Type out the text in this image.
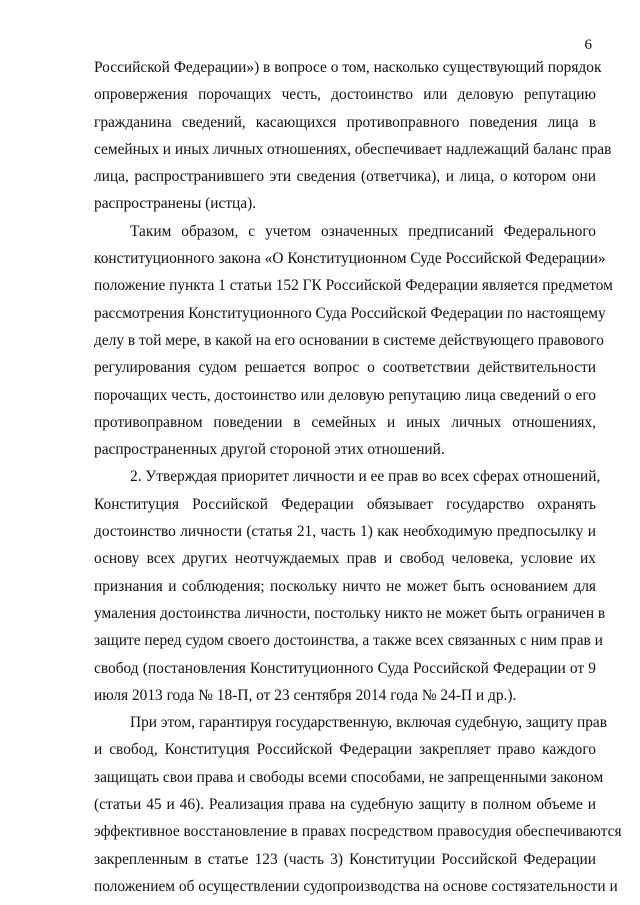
6
Российской Федерации») в вопросе о том, насколько существующий порядок
опровержения порочащих честь, достоинство или деловую репутацию
гражданина сведений, касающихся противоправного поведения лица в
семейных и иных личных отношениях, обеспечивает надлежащий баланс прав
лица, распространившего эти сведения (ответчика), и лица, о котором они
распространены (истца).
Таким образом, с учетом означенных предписаний Федерального
конституционного закона «О Конституционном Суде Российской Федерации»
положение пункта 1 статьи 152 ГК Российской Федерации является предметом
рассмотрения Конституционного Суда Российской Федерации по настоящему
делу в той мере, в какой на его основании в системе действующего правового
регулирования судом решается вопрос о соответствии действительности
порочащих честь, достоинство или деловую репутацию лица сведений о его
противоправном поведении в семейных и иных личных отношениях,
распространенных другой стороной этих отношений.
2. Утверждая приоритет личности и ее прав во всех сферах отношений,
Конституция Российской Федерации обязывает государство охранять
достоинство личности (статья 21, часть 1) как необходимую предпосылку и
основу всех других неотчуждаемых прав и свобод человека, условие их
признания и соблюдения; поскольку ничто не может быть основанием для
умаления достоинства личности, постольку никто не может быть ограничен в
защите перед судом своего достоинства, а также всех связанных с ним прав и
свобод (постановления Конституционного Суда Российской Федерации от 9
июля 2013 года № 18-П, от 23 сентября 2014 года № 24-П и др.).
При этом, гарантируя государственную, включая судебную, защиту прав
и свобод, Конституция Российской Федерации закрепляет право каждого
защищать свои права и свободы всеми способами, не запрещенными законом
(статьи 45 и 46). Реализация права на судебную защиту в полном объеме и
эффективное восстановление в правах посредством правосудия обеспечиваются
закрепленным в статье 123 (часть 3) Конституции Российской Федерации
положением об осуществлении судопроизводства на основе состязательности и
